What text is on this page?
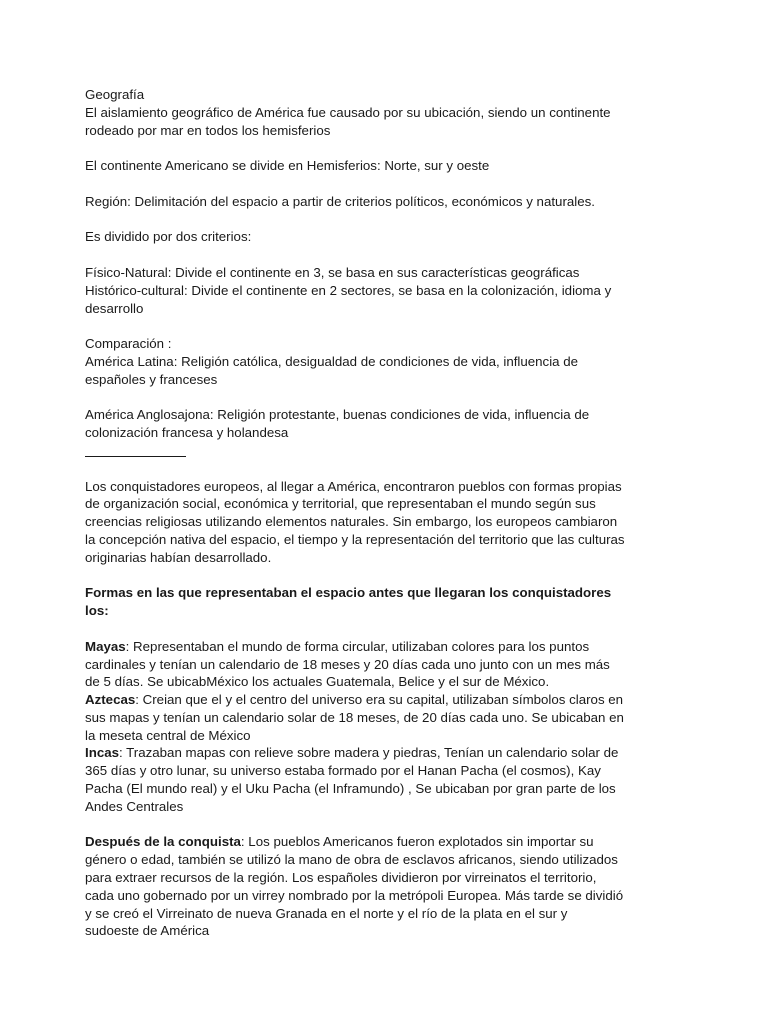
Geografía

El aislamiento geográfico de América fue causado por su ubicación, siendo un continente rodeado por mar en todos los hemisferios

El continente Americano se divide en Hemisferios: Norte, sur y oeste

Región: Delimitación del espacio a partir de criterios políticos, económicos y naturales.

Es dividido por dos criterios:

Físico-Natural: Divide el continente en 3, se basa en sus características geográficas

Histórico-cultural: Divide el continente en 2 sectores, se basa en la colonización, idioma y desarrollo

Comparación :

América Latina: Religión católica, desigualdad de condiciones de vida, influencia de españoles y franceses

América Anglosajona: Religión protestante, buenas condiciones de vida, influencia de colonización francesa y holandesa

Los conquistadores europeos, al llegar a América, encontraron pueblos con formas propias de organización social, económica y territorial, que representaban el mundo según sus creencias religiosas utilizando elementos naturales. Sin embargo, los europeos cambiaron la concepción nativa del espacio, el tiempo y la representación del territorio que las culturas originarias habían desarrollado.

Formas en las que representaban el espacio antes que llegaran los conquistadores los:

Mayas: Representaban el mundo de forma circular, utilizaban colores para los puntos cardinales y tenían un calendario de 18 meses y 20 días cada uno junto con un mes más de 5 días. Se ubicabMéxico los actuales Guatemala, Belice y el sur de México.

Aztecas: Creian que el y el centro del universo era su capital, utilizaban símbolos claros en sus mapas y tenían un calendario solar de 18 meses, de 20 días cada uno. Se ubicaban en la meseta central de México

Incas: Trazaban mapas con relieve sobre madera y piedras, Tenían un calendario solar de 365 días y otro lunar, su universo estaba formado por el Hanan Pacha (el cosmos), Kay Pacha (El mundo real) y el Uku Pacha (el Inframundo) , Se ubicaban por gran parte de los Andes Centrales

Después de la conquista: Los pueblos Americanos fueron explotados sin importar su género o edad, también se utilizó la mano de obra de esclavos africanos, siendo utilizados para extraer recursos de la región. Los españoles dividieron por virreinatos el territorio, cada uno gobernado por un virrey nombrado por la metrópoli Europea. Más tarde se dividió y se creó el Virreinato de nueva Granada en el norte y el río de la plata en el sur y sudoeste de América
